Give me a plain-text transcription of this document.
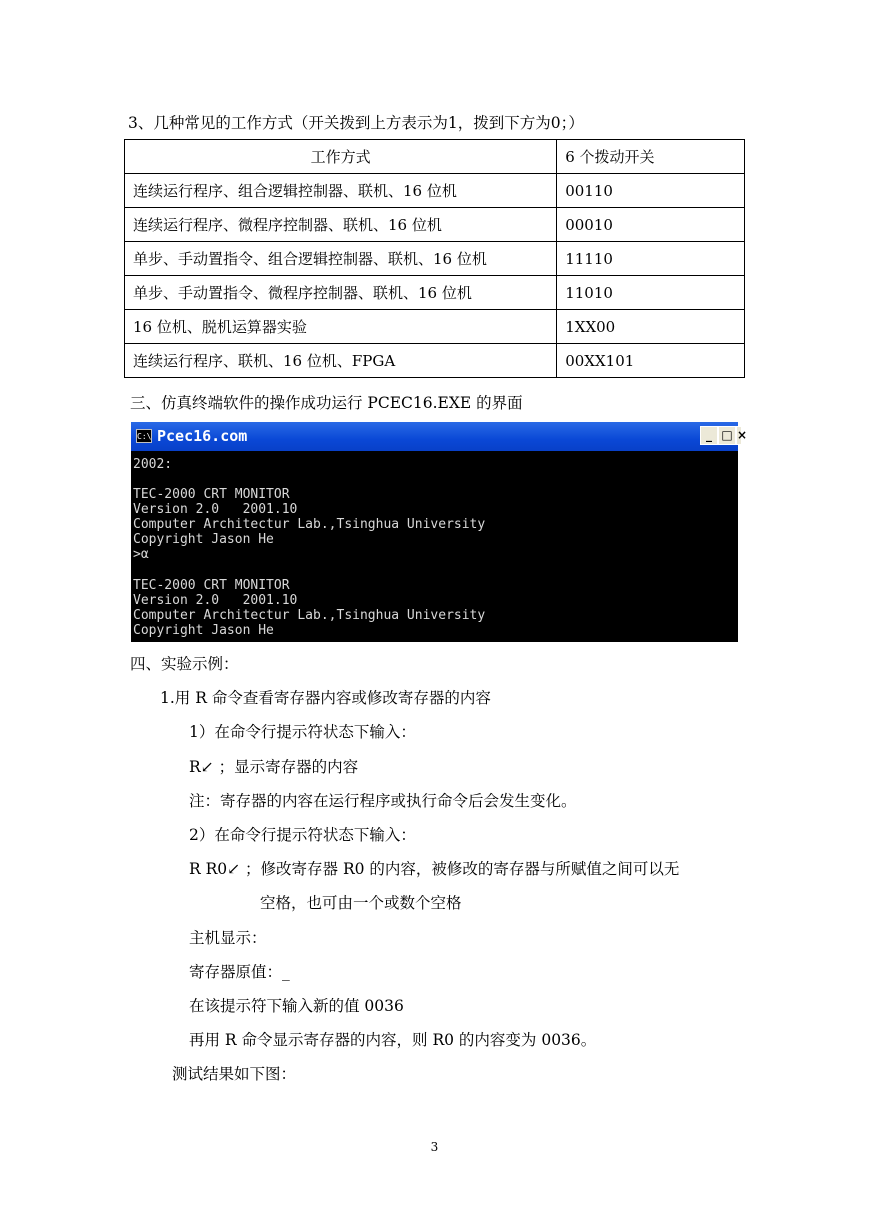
3、几种常见的工作方式（开关拨到上方表示为1，拨到下方为0；）
工作方式	6 个拨动开关
连续运行程序、组合逻辑控制器、联机、16 位机	00110
连续运行程序、微程序控制器、联机、16 位机	00010
单步、手动置指令、组合逻辑控制器、联机、16 位机	11110
单步、手动置指令、微程序控制器、联机、16 位机	11010
16 位机、脱机运算器实验	1XX00
连续运行程序、联机、16 位机、FPGA	00XX101
三、仿真终端软件的操作成功运行 PCEC16.EXE 的界面
C:\ Pcec16.com	_ □ ×
2002:
TEC-2000 CRT MONITOR
Version 2.0   2001.10
Computer Architectur Lab.,Tsinghua University
Copyright Jason He
>α
TEC-2000 CRT MONITOR
Version 2.0   2001.10
Computer Architectur Lab.,Tsinghua University
Copyright Jason He
四、实验示例：
1.用 R 命令查看寄存器内容或修改寄存器的内容
1）在命令行提示符状态下输入：
R↙ ；显示寄存器的内容
注：寄存器的内容在运行程序或执行命令后会发生变化。
2）在命令行提示符状态下输入：
R R0↙ ；修改寄存器 R0 的内容，被修改的寄存器与所赋值之间可以无
空格，也可由一个或数个空格
主机显示：
寄存器原值：_
在该提示符下输入新的值 0036
再用 R 命令显示寄存器的内容，则 R0 的内容变为 0036。
测试结果如下图：
3
